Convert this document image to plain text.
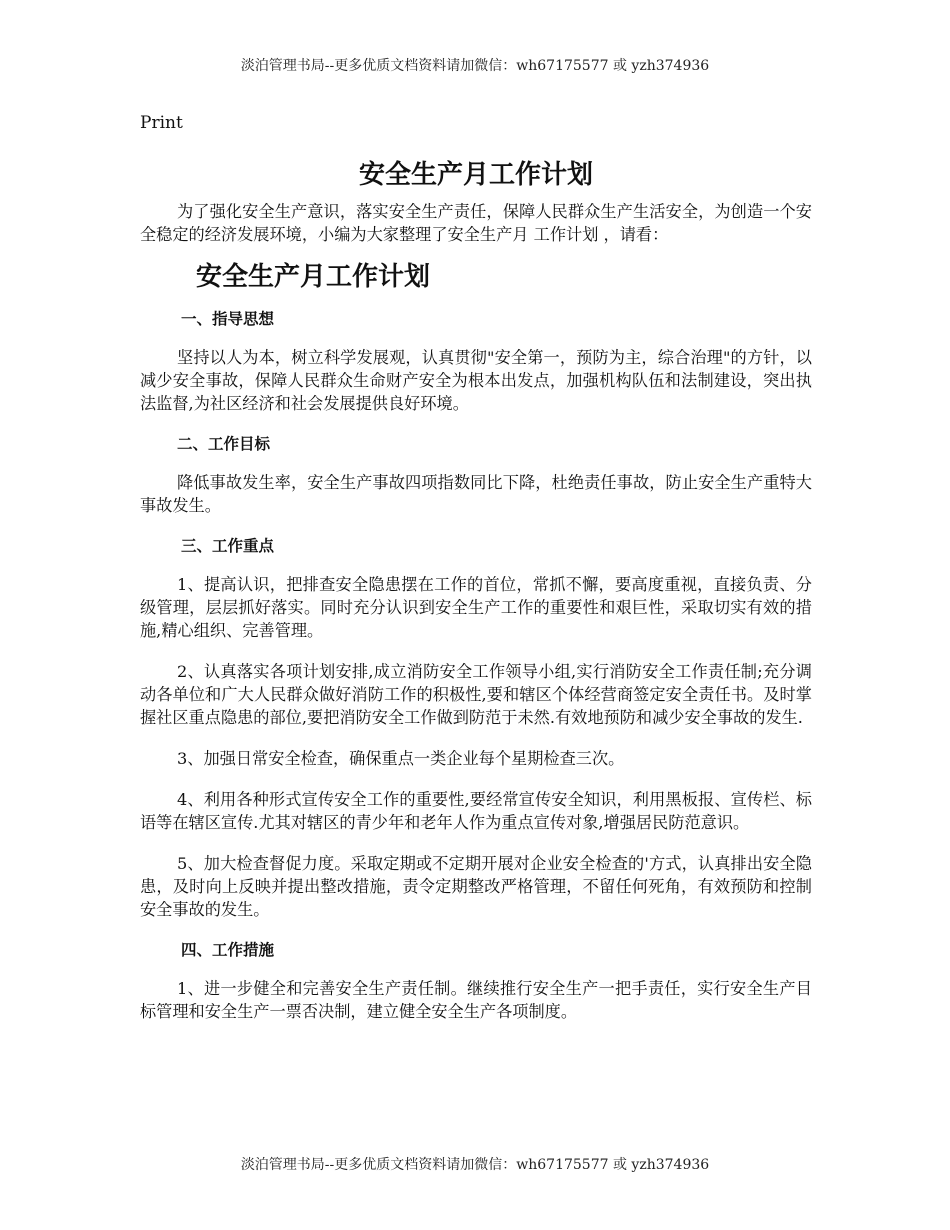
淡泊管理书局--更多优质文档资料请加微信：wh67175577 或 yzh374936

Print

安全生产月工作计划

为了强化安全生产意识，落实安全生产责任，保障人民群众生产生活安全，为创造一个安全稳定的经济发展环境，小编为大家整理了安全生产月 工作计划 ，请看：

安全生产月工作计划
一、指导思想

坚持以人为本，树立科学发展观，认真贯彻"安全第一，预防为主，综合治理"的方针，以减少安全事故，保障人民群众生命财产安全为根本出发点，加强机构队伍和法制建设，突出执法监督,为社区经济和社会发展提供良好环境。

二、工作目标

降低事故发生率，安全生产事故四项指数同比下降，杜绝责任事故，防止安全生产重特大事故发生。

三、工作重点

1、提高认识，把排查安全隐患摆在工作的首位，常抓不懈，要高度重视，直接负责、分级管理，层层抓好落实。同时充分认识到安全生产工作的重要性和艰巨性，采取切实有效的措施,精心组织、完善管理。

2、认真落实各项计划安排,成立消防安全工作领导小组,实行消防安全工作责任制;充分调动各单位和广大人民群众做好消防工作的积极性,要和辖区个体经营商签定安全责任书。及时掌握社区重点隐患的部位,要把消防安全工作做到防范于未然.有效地预防和减少安全事故的发生.

3、加强日常安全检查，确保重点一类企业每个星期检查三次。

4、利用各种形式宣传安全工作的重要性,要经常宣传安全知识，利用黑板报、宣传栏、标语等在辖区宣传.尤其对辖区的青少年和老年人作为重点宣传对象,增强居民防范意识。

5、加大检查督促力度。采取定期或不定期开展对企业安全检查的'方式，认真排出安全隐患，及时向上反映并提出整改措施，责令定期整改严格管理，不留任何死角，有效预防和控制安全事故的发生。

四、工作措施

1、进一步健全和完善安全生产责任制。继续推行安全生产一把手责任，实行安全生产目标管理和安全生产一票否决制，建立健全安全生产各项制度。

淡泊管理书局--更多优质文档资料请加微信：wh67175577 或 yzh374936
